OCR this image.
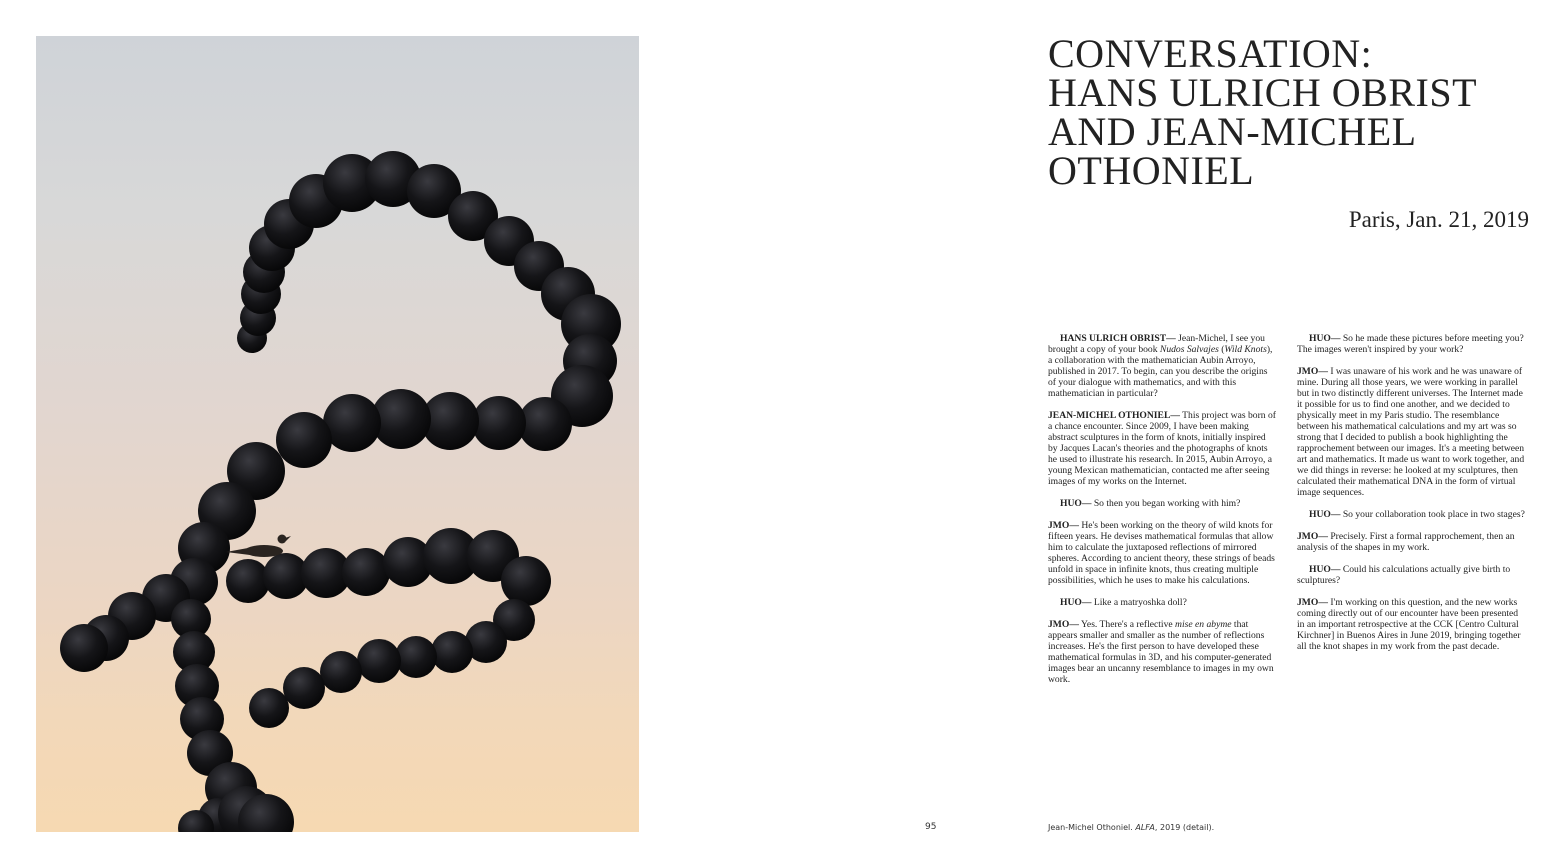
95	Jean-Michel Othoniel. ALFA, 2019 (detail).
CONVERSATION:
HANS ULRICH OBRIST
AND JEAN-MICHEL
OTHONIEL
Paris, Jan. 21, 2019

HANS ULRICH OBRIST— Jean-Michel, I see you brought a copy of your book Nudos Salvajes (Wild Knots), a collaboration with the mathematician Aubin Arroyo, published in 2017. To begin, can you describe the origins of your dialogue with mathematics, and with this mathematician in particular?

JEAN-MICHEL OTHONIEL— This project was born of a chance encounter. Since 2009, I have been making abstract sculptures in the form of knots, initially inspired by Jacques Lacan's theories and the photographs of knots he used to illustrate his research. In 2015, Aubin Arroyo, a young Mexican mathematician, contacted me after seeing images of my works on the Internet.

HUO— So then you began working with him?

JMO— He's been working on the theory of wild knots for fifteen years. He devises mathematical formulas that allow him to calculate the juxtaposed reflections of mirrored spheres. According to ancient theory, these strings of beads unfold in space in infinite knots, thus creating multiple possibilities, which he uses to make his calculations.

HUO— Like a matryoshka doll?

JMO— Yes. There's a reflective mise en abyme that appears smaller and smaller as the number of reflections increases. He's the first person to have developed these mathematical formulas in 3D, and his computer-generated images bear an uncanny resemblance to images in my own work.

HUO— So he made these pictures before meeting you? The images weren't inspired by your work?

JMO— I was unaware of his work and he was unaware of mine. During all those years, we were working in parallel but in two distinctly different universes. The Internet made it possible for us to find one another, and we decided to physically meet in my Paris studio. The resemblance between his mathematical calculations and my art was so strong that I decided to publish a book highlighting the rapprochement between our images. It's a meeting between art and mathematics. It made us want to work together, and we did things in reverse: he looked at my sculptures, then calculated their mathematical DNA in the form of virtual image sequences.

HUO— So your collaboration took place in two stages?

JMO— Precisely. First a formal rapprochement, then an analysis of the shapes in my work.

HUO— Could his calculations actually give birth to sculptures?

JMO— I'm working on this question, and the new works coming directly out of our encounter have been presented in an important retrospective at the CCK [Centro Cultural Kirchner] in Buenos Aires in June 2019, bringing together all the knot shapes in my work from the past decade.
